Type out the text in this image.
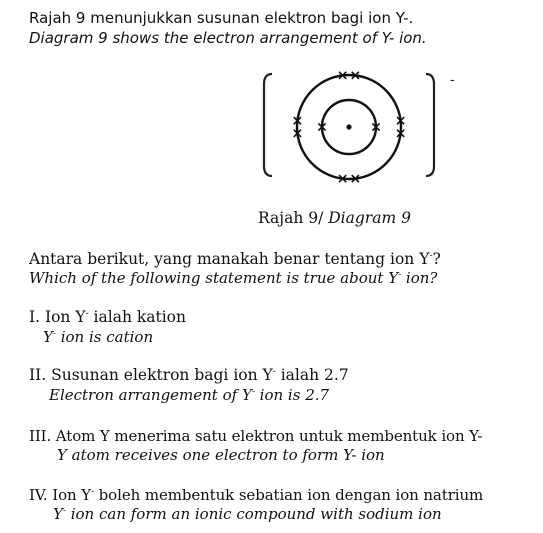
Rajah 9 menunjukkan susunan elektron bagi ion Y-.
Diagram 9 shows the electron arrangement of Y- ion.
-
Rajah 9/ Diagram 9
Antara berikut, yang manakah benar tentang ion Y-?
Which of the following statement is true about Y- ion?
I. Ion Y- ialah kation
Y- ion is cation
II. Susunan elektron bagi ion Y- ialah 2.7
Electron arrangement of Y- ion is 2.7
III. Atom Y menerima satu elektron untuk membentuk ion Y-
Y atom receives one electron to form Y- ion
IV. Ion Y- boleh membentuk sebatian ion dengan ion natrium
Y- ion can form an ionic compound with sodium ion
